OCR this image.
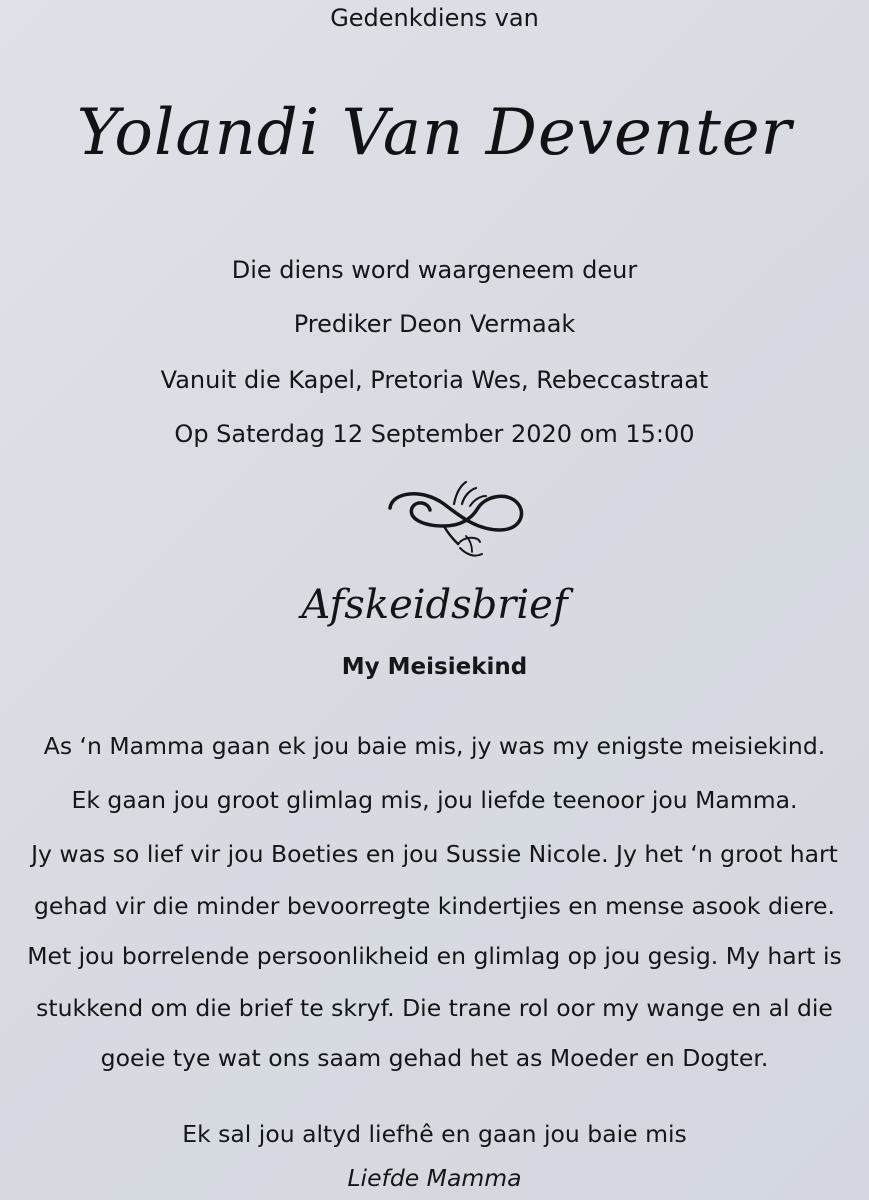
Gedenkdiens van
Yolandi Van Deventer
Die diens word waargeneem deur
Prediker Deon Vermaak
Vanuit die Kapel, Pretoria Wes, Rebeccastraat
Op Saterdag 12 September 2020 om 15:00
Afskeidsbrief
My Meisiekind
As ‘n Mamma gaan ek jou baie mis, jy was my enigste meisiekind.
Ek gaan jou groot glimlag mis, jou liefde teenoor jou Mamma.
Jy was so lief vir jou Boeties en jou Sussie Nicole. Jy het ‘n groot hart
gehad vir die minder bevoorregte kindertjies en mense asook diere.
Met jou borrelende persoonlikheid en glimlag op jou gesig. My hart is
stukkend om die brief te skryf. Die trane rol oor my wange en al die
goeie tye wat ons saam gehad het as Moeder en Dogter.
Ek sal jou altyd liefhê en gaan jou baie mis
Liefde Mamma
